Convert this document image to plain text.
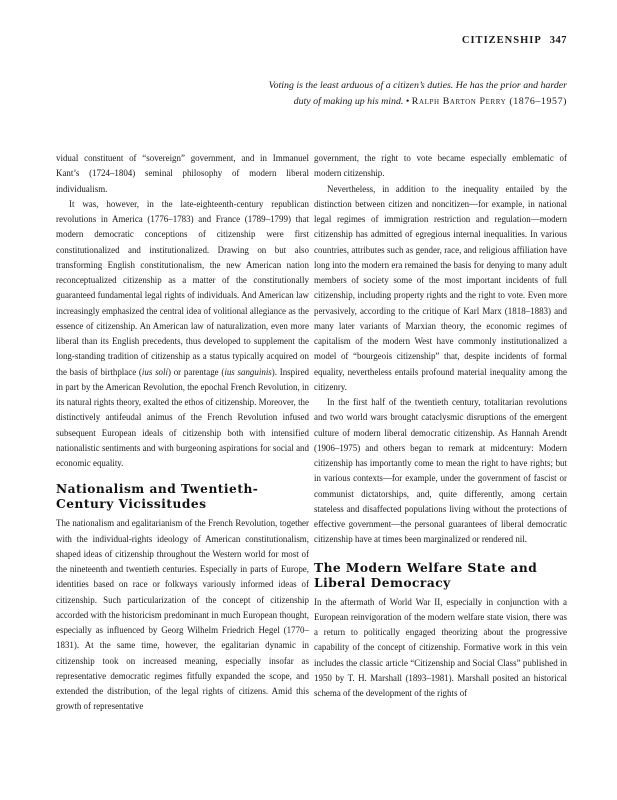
CITIZENSHIP 347
Voting is the least arduous of a citizen’s duties. He has the prior and harder
duty of making up his mind. • Ralph Barton Perry (1876–1957)

vidual constituent of “sovereign” government, and in Immanuel Kant’s (1724–1804) seminal philosophy of modern liberal individualism.

It was, however, in the late-eighteenth-century republican revolutions in America (1776–1783) and France (1789–1799) that modern democratic conceptions of citizenship were first constitutionalized and institutionalized. Drawing on but also transforming English constitutionalism, the new American nation reconceptualized citizenship as a matter of the constitutionally guaranteed fundamental legal rights of individuals. And American law increasingly emphasized the central idea of volitional allegiance as the essence of citizenship. An American law of naturalization, even more liberal than its English precedents, thus developed to supplement the long-standing tradition of citizenship as a status typically acquired on the basis of birthplace (ius soli) or parentage (ius sanguinis). Inspired in part by the American Revolution, the epochal French Revolution, in its natural rights theory, exalted the ethos of citizenship. Moreover, the distinctively antifeudal animus of the French Revolution infused subsequent European ideals of citizenship both with intensified nationalistic sentiments and with burgeoning aspirations for social and economic equality.

Nationalism and Twentieth-Century Vicissitudes

The nationalism and egalitarianism of the French Revolution, together with the individual-rights ideology of American constitutionalism, shaped ideas of citizenship throughout the Western world for most of the nineteenth and twentieth centuries. Especially in parts of Europe, identities based on race or folkways variously informed ideas of citizenship. Such particularization of the concept of citizenship accorded with the historicism predominant in much European thought, especially as influenced by Georg Wilhelm Friedrich Hegel (1770–1831). At the same time, however, the egalitarian dynamic in citizenship took on increased meaning, especially insofar as representative democratic regimes fitfully expanded the scope, and extended the distribution, of the legal rights of citizens. Amid this growth of representative

government, the right to vote became especially emblematic of modern citizenship.

Nevertheless, in addition to the inequality entailed by the distinction between citizen and noncitizen—for example, in national legal regimes of immigration restriction and regulation—modern citizenship has admitted of egregious internal inequalities. In various countries, attributes such as gender, race, and religious affiliation have long into the modern era remained the basis for denying to many adult members of society some of the most important incidents of full citizenship, including property rights and the right to vote. Even more pervasively, according to the critique of Karl Marx (1818–1883) and many later variants of Marxian theory, the economic regimes of capitalism of the modern West have commonly institutionalized a model of “bourgeois citizenship” that, despite incidents of formal equality, nevertheless entails profound material inequality among the citizenry.

In the first half of the twentieth century, totalitarian revolutions and two world wars brought cataclysmic disruptions of the emergent culture of modern liberal democratic citizenship. As Hannah Arendt (1906–1975) and others began to remark at midcentury: Modern citizenship has importantly come to mean the right to have rights; but in various contexts—for example, under the government of fascist or communist dictatorships, and, quite differently, among certain stateless and disaffected populations living without the protections of effective government—the personal guarantees of liberal democratic citizenship have at times been marginalized or rendered nil.

The Modern Welfare State and Liberal Democracy

In the aftermath of World War II, especially in conjunction with a European reinvigoration of the modern welfare state vision, there was a return to politically engaged theorizing about the progressive capability of the concept of citizenship. Formative work in this vein includes the classic article “Citizenship and Social Class” published in 1950 by T. H. Marshall (1893–1981). Marshall posited an historical schema of the development of the rights of
